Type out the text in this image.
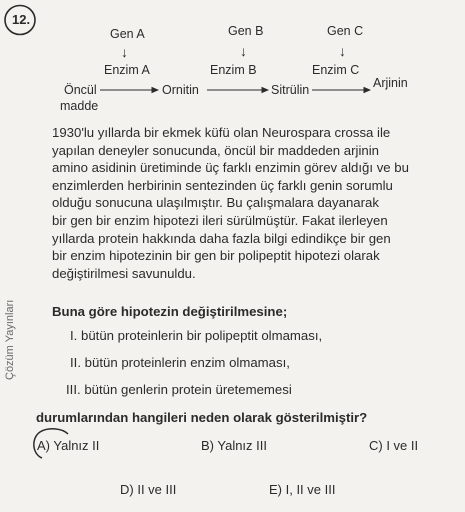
12.
Gen A	Gen B	Gen C
↓	↓	↓
Enzim A	Enzim B	Enzim C
Öncül
madde
Ornitin	Sitrülin	Arjinin
1930'lu yıllarda bir ekmek küfü olan Neurospara crossa ile
yapılan deneyler sonucunda, öncül bir maddeden arjinin
amino asidinin üretiminde üç farklı enzimin görev aldığı ve bu
enzimlerden herbirinin sentezinden üç farklı genin sorumlu
olduğu sonucuna ulaşılmıştır. Bu çalışmalara dayanarak
bir gen bir enzim hipotezi ileri sürülmüştür. Fakat ilerleyen
yıllarda protein hakkında daha fazla bilgi edindikçe bir gen
bir enzim hipotezinin bir gen bir polipeptit hipotezi olarak
değiştirilmesi savunuldu.
Buna göre hipotezin değiştirilmesine;
I. bütün proteinlerin bir polipeptit olmaması,
II. bütün proteinlerin enzim olmaması,
III. bütün genlerin protein üretememesi
durumlarından hangileri neden olarak gösterilmiştir?
A) Yalnız II	B) Yalnız III	C) I ve II
D) II ve III	E) I, II ve III
Çözüm Yayınları
